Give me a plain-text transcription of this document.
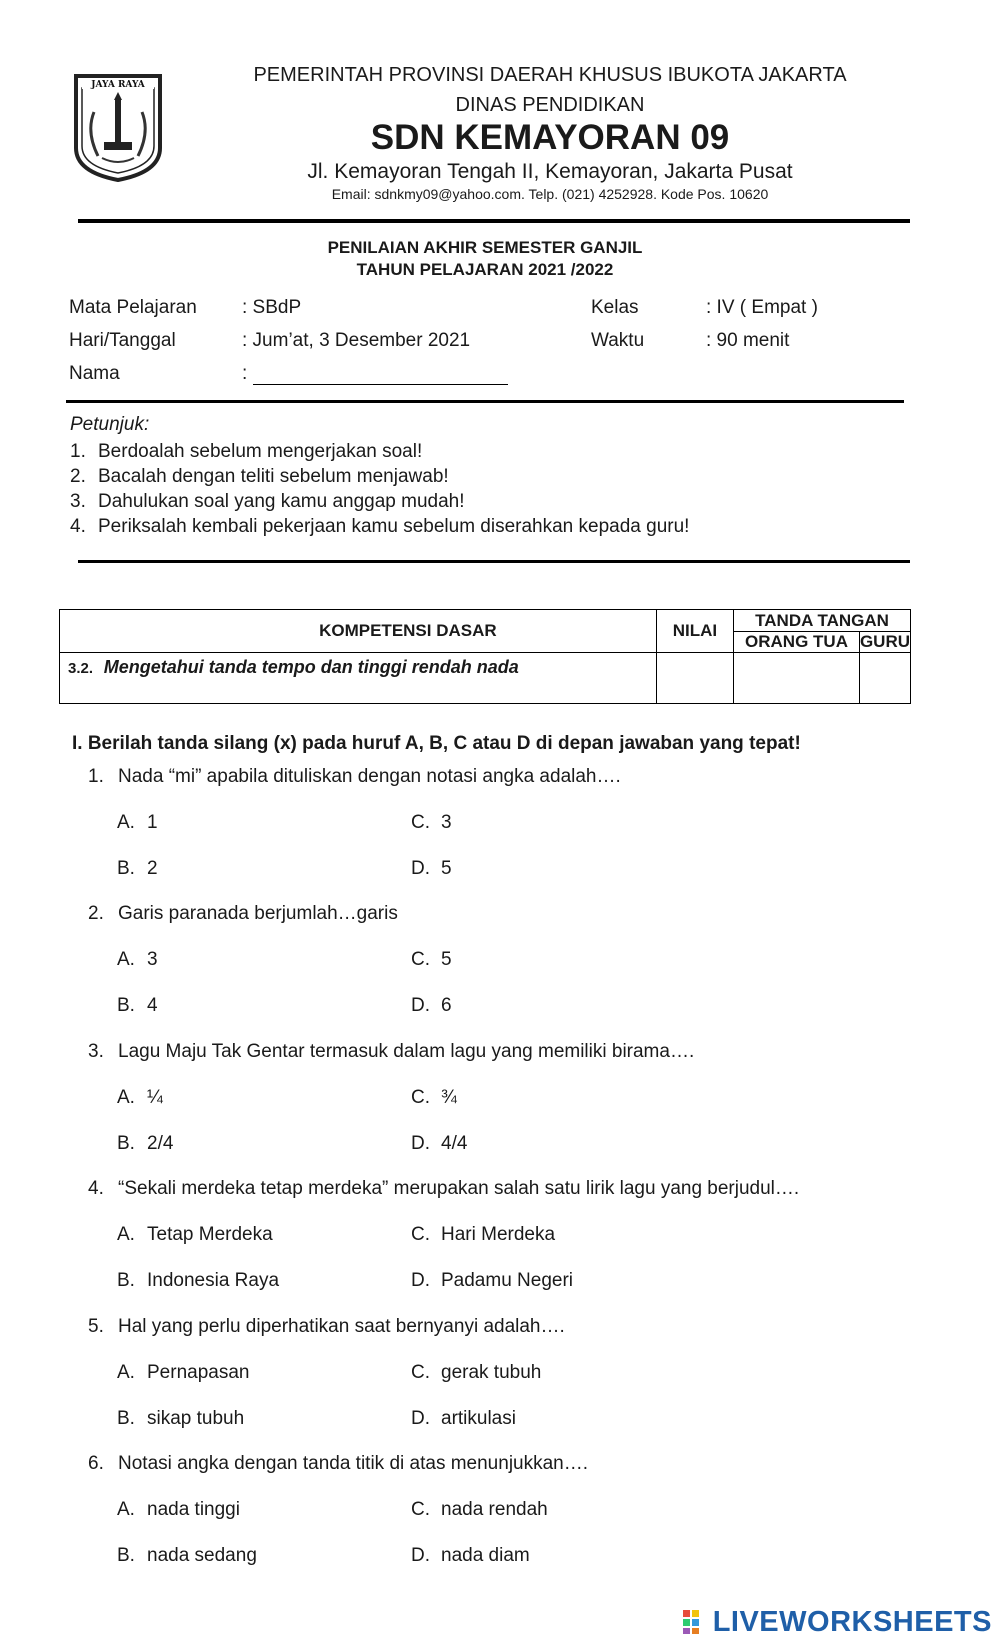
JAYA RAYA	PEMERINTAH PROVINSI DAERAH KHUSUS IBUKOTA JAKARTA
DINAS PENDIDIKAN
SDN KEMAYORAN 09
Jl. Kemayoran Tengah II, Kemayoran, Jakarta Pusat
Email: sdnkmy09@yahoo.com. Telp. (021) 4252928. Kode Pos. 10620
PENILAIAN AKHIR SEMESTER GANJIL
TAHUN PELAJARAN 2021 /2022
Mata Pelajaran : SBdP	Kelas	: IV ( Empat )
Hari/Tanggal	: Jum’at, 3 Desember 2021	Waktu	: 90 menit
Nama	:
Petunjuk:
1. Berdoalah sebelum mengerjakan soal!
2. Bacalah dengan teliti sebelum menjawab!
3. Dahulukan soal yang kamu anggap mudah!
4. Periksalah kembali pekerjaan kamu sebelum diserahkan kepada guru!
KOMPETENSI DASAR	NILAI	TANDA TANGAN	
		ORANG TUA	GURU
3.2. Mengetahui tanda tempo dan tinggi rendah nada			
I. Berilah tanda silang (x) pada huruf A, B, C atau D di depan jawaban yang tepat!
1. Nada “mi” apabila dituliskan dengan notasi angka adalah….
A. 1	C. 3
B. 2	D. 5
2. Garis paranada berjumlah…garis
A. 3	C. 5
B. 4	D. 6
3. Lagu Maju Tak Gentar termasuk dalam lagu yang memiliki birama….
A. ¼	C. ¾
B. 2/4	D. 4/4
4. “Sekali merdeka tetap merdeka” merupakan salah satu lirik lagu yang berjudul….
A. Tetap Merdeka	C. Hari Merdeka
B. Indonesia Raya	D. Padamu Negeri
5. Hal yang perlu diperhatikan saat bernyanyi adalah….
A. Pernapasan	C. gerak tubuh
B. sikap tubuh	D. artikulasi
6. Notasi angka dengan tanda titik di atas menunjukkan….
A. nada tinggi	C. nada rendah
B. nada sedang	D. nada diam
LIVEWORKSHEETS
